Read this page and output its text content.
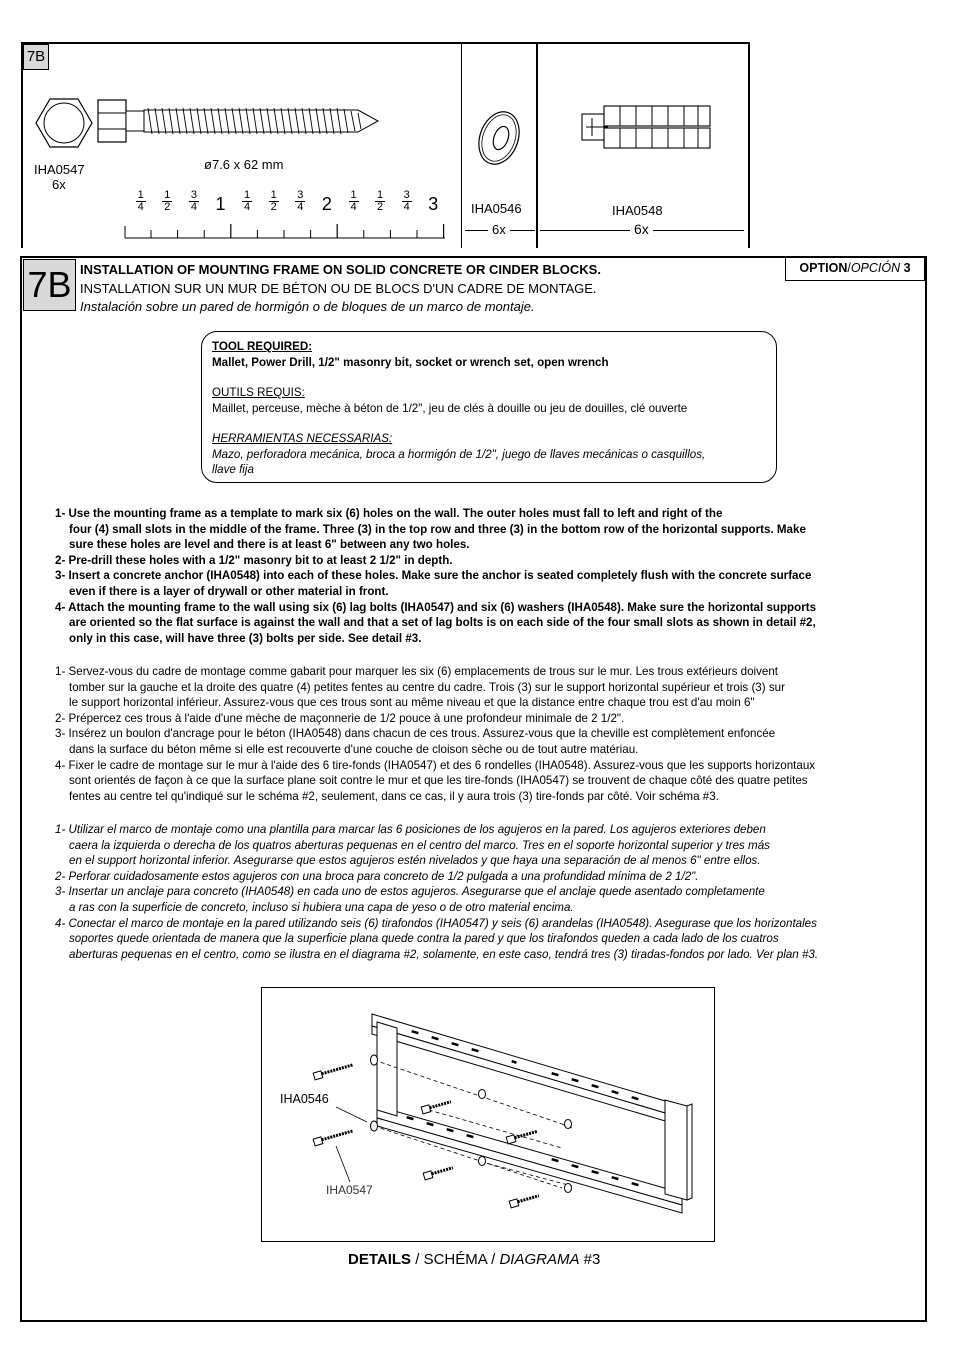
7B
IHA0547
6x
ø7.6 x 62 mm
1
4
1
2
3
4 1 1
4
1
2
3
4 2 1
4
1
2
3
4 3	IHA0546
6x
IHA0548
6x
7B INSTALLATION OF MOUNTING FRAME ON SOLID CONCRETE OR CINDER BLOCKS.
INSTALLATION SUR UN MUR DE BÉTON OU DE BLOCS D'UN CADRE DE MONTAGE.
Instalación sobre un pared de hormigón o de bloques de un marco de montaje.
OPTION/OPCIÓN 3
TOOL REQUIRED:
Mallet, Power Drill, 1/2" masonry bit, socket or wrench set, open wrench
OUTILS REQUIS:
Maillet, perceuse, mèche à béton de 1/2", jeu de clés à douille ou jeu de douilles, clé ouverte
HERRAMIENTAS NECESSARIAS:
Mazo, perforadora mecánica, broca a hormigón de 1/2", juego de llaves mecánicas o casquillos,
llave fija
1- Use the mounting frame as a template to mark six (6) holes on the wall. The outer holes must fall to left and right of the
four (4) small slots in the middle of the frame. Three (3) in the top row and three (3) in the bottom row of the horizontal supports. Make
sure these holes are level and there is at least 6" between any two holes.
2- Pre-drill these holes with a 1/2" masonry bit to at least 2 1/2" in depth.
3- Insert a concrete anchor (IHA0548) into each of these holes. Make sure the anchor is seated completely flush with the concrete surface
even if there is a layer of drywall or other material in front.
4- Attach the mounting frame to the wall using six (6) lag bolts (IHA0547) and six (6) washers (IHA0548). Make sure the horizontal supports
are oriented so the flat surface is against the wall and that a set of lag bolts is on each side of the four small slots as shown in detail #2,
only in this case, will have three (3) bolts per side. See detail #3.
1- Servez-vous du cadre de montage comme gabarit pour marquer les six (6) emplacements de trous sur le mur. Les trous extérieurs doivent
tomber sur la gauche et la droite des quatre (4) petites fentes au centre du cadre. Trois (3) sur le support horizontal supérieur et trois (3) sur
le support horizontal inférieur. Assurez-vous que ces trous sont au même niveau et que la distance entre chaque trou est d'au moin 6"
2- Prépercez ces trous à l'aide d'une mèche de maçonnerie de 1/2 pouce à une profondeur minimale de 2 1/2".
3- Insérez un boulon d'ancrage pour le béton (IHA0548) dans chacun de ces trous. Assurez-vous que la cheville est complètement enfoncée
dans la surface du béton même si elle est recouverte d'une couche de cloison sèche ou de tout autre matériau.
4- Fixer le cadre de montage sur le mur à l'aide des 6 tire-fonds (IHA0547) et des 6 rondelles (IHA0548). Assurez-vous que les supports horizontaux
sont orientés de façon à ce que la surface plane soit contre le mur et que les tire-fonds (IHA0547) se trouvent de chaque côté des quatre petites
fentes au centre tel qu'indiqué sur le schéma #2, seulement, dans ce cas, il y aura trois (3) tire-fonds par côté. Voir schéma #3.
1- Utilizar el marco de montaje como una plantilla para marcar las 6 posiciones de los agujeros en la pared. Los agujeros exteriores deben
caera la izquierda o derecha de los quatros aberturas pequenas en el centro del marco. Tres en el soporte horizontal superior y tres más
en el support horizontal inferior. Asegurarse que estos agujeros estén nivelados y que haya una separación de al menos 6" entre ellos.
2- Perforar cuidadosamente estos agujeros con una broca para concreto de 1/2 pulgada a una profundidad mínima de 2 1/2".
3- Insertar un anclaje para concreto (IHA0548) en cada uno de estos agujeros. Asegurarse que el anclaje quede asentado completamente
a ras con la superficie de concreto, incluso si hubiera una capa de yeso o de otro material encima.
4- Conectar el marco de montaje en la pared utilizando seis (6) tirafondos (IHA0547) y seis (6) arandelas (IHA0548). Asegurase que los horizontales
soportes quede orientada de manera que la superficie plana quede contra la pared y que los tirafondos queden a cada lado de los cuatros
aberturas pequenas en el centro, como se ilustra en el diagrama #2, solamente, en este caso, tendrá tres (3) tiradas-fondos por lado. Ver plan #3.
IHA0546
IHA0547
DETAILS / SCHÉMA / DIAGRAMA #3
